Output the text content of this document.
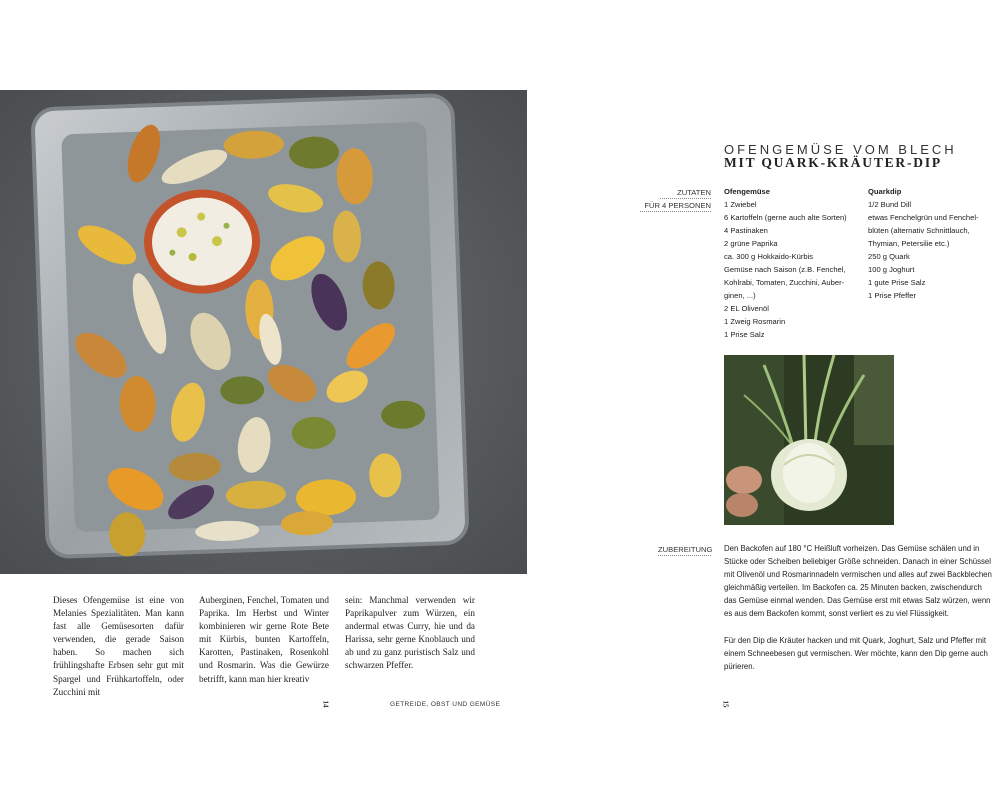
Dieses Ofengemüse ist eine von Melanies Spezialitäten. Man kann fast alle Gemüsesorten dafür verwenden, die gerade Saison haben. So machen sich frühlingshafte Erbsen sehr gut mit Spargel und Frühkartoffeln, oder Zucchini mit
Auberginen, Fenchel, Tomaten und Paprika. Im Herbst und Winter kombinieren wir gerne Rote Bete mit Kürbis, bunten Kartoffeln, Karotten, Pastinaken, Rosenkohl und Rosmarin. Was die Gewürze betrifft, kann man hier kreativ
sein: Manchmal verwenden wir Paprikapulver zum Würzen, ein andermal etwas Curry, hie und da Harissa, sehr gerne Knoblauch und ab und zu ganz puristisch Salz und schwarzen Pfeffer.
14	GETREIDE, OBST UND GEMÜSE
OFENGEMÜSE VOM BLECH
MIT QUARK-KRÄUTER-DIP
ZUTATEN
FÜR 4 PERSONEN
Ofengemüse
1 Zwiebel
6 Kartoffeln (gerne auch alte Sorten)
4 Pastinaken
2 grüne Paprika
ca. 300 g Hokkaido-Kürbis
Gemüse nach Saison (z.B. Fenchel,
Kohlrabi, Tomaten, Zucchini, Auber-
ginen, ...)
2 EL Olivenöl
1 Zweig Rosmarin
1 Prise Salz
Quarkdip
1/2 Bund Dill
etwas Fenchelgrün und Fenchel-
blüten (alternativ Schnittlauch,
Thymian, Petersilie etc.)
250 g Quark
100 g Joghurt
1 gute Prise Salz
1 Prise Pfeffer
ZUBEREITUNG Den Backofen auf 180 °C Heißluft vorheizen. Das Gemüse schälen und in Stücke oder Scheiben beliebiger Größe schneiden. Danach in einer Schüssel mit Olivenöl und Rosmarinnadeln vermischen und alles auf zwei Backblechen gleichmäßig verteilen. Im Backofen ca. 25 Minuten backen, zwischendurch das Gemüse einmal wenden. Das Gemüse erst mit etwas Salz würzen, wenn es aus dem Backofen kommt, sonst verliert es zu viel Flüssigkeit.

Für den Dip die Kräuter hacken und mit Quark, Joghurt, Salz und Pfeffer mit einem Schneebesen gut vermischen. Wer möchte, kann den Dip gerne auch pürieren.

15
